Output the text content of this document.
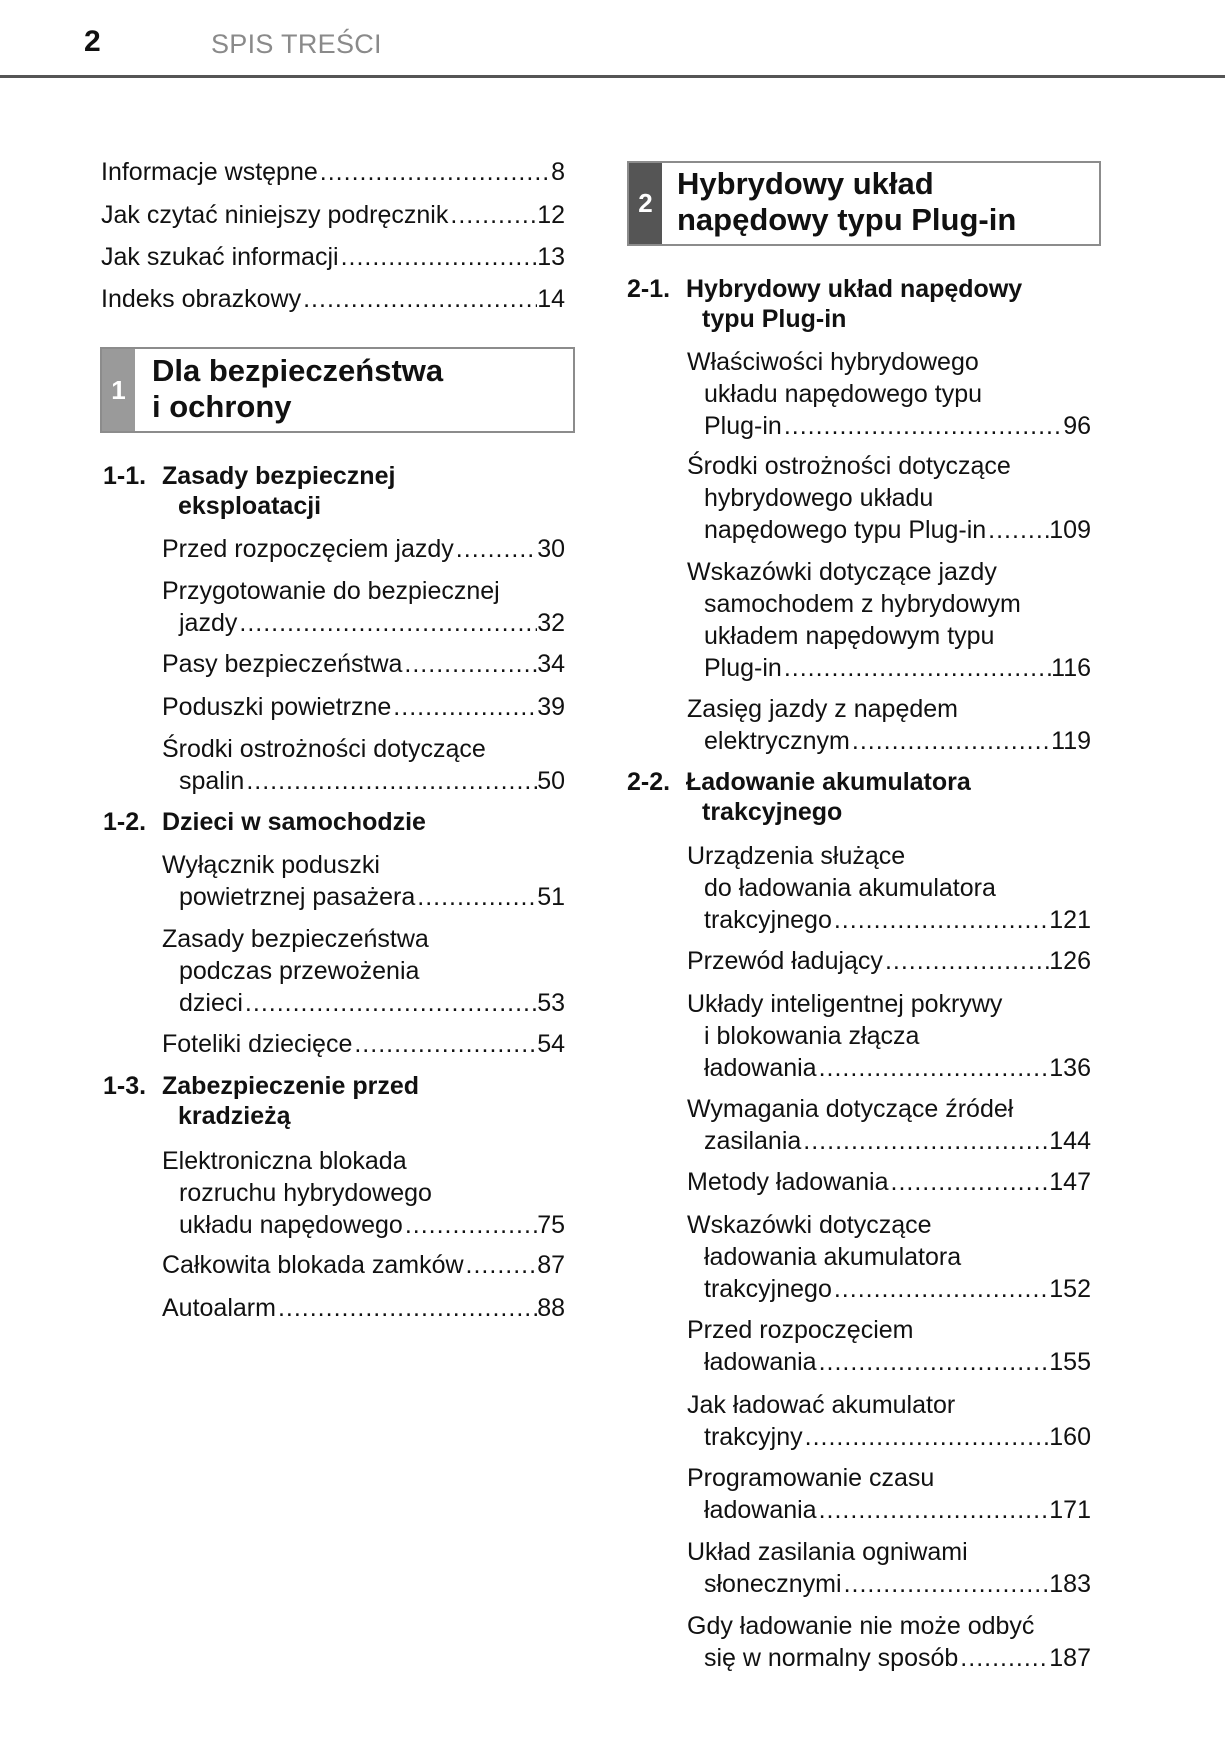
2	SPIS TREŚCI
Informacje wstępne .....	8
Jak czytać niniejszy podręcznik .....	12
Jak szukać informacji .....	13
Indeks obrazkowy .....	14
1
Dla bezpieczeństwa
i ochrony
1-1. Zasady bezpiecznej
eksploatacji
Przed rozpoczęciem jazdy .....	30
Przygotowanie do bezpiecznej
jazdy .....	32
Pasy bezpieczeństwa .....	34
Poduszki powietrzne .....	39
Środki ostrożności dotyczące
spalin .....	50
1-2. Dzieci w samochodzie
Wyłącznik poduszki
powietrznej pasażera .....	51
Zasady bezpieczeństwa
podczas przewożenia
dzieci .....	53
Foteliki dziecięce .....	54
1-3. Zabezpieczenie przed
kradzieżą
Elektroniczna blokada
rozruchu hybrydowego
układu napędowego .....	75
Całkowita blokada zamków .....	87
Autoalarm .....	88
2
Hybrydowy układ
napędowy typu Plug-in
2-1. Hybrydowy układ napędowy
typu Plug-in
Właściwości hybrydowego
układu napędowego typu
Plug-in .....	96
Środki ostrożności dotyczące
hybrydowego układu
napędowego typu Plug-in .....	109
Wskazówki dotyczące jazdy
samochodem z hybrydowym
układem napędowym typu
Plug-in .....	116
Zasięg jazdy z napędem
elektrycznym .....	119
2-2. Ładowanie akumulatora
trakcyjnego
Urządzenia służące
do ładowania akumulatora
trakcyjnego .....	121
Przewód ładujący .....	126
Układy inteligentnej pokrywy
i blokowania złącza
ładowania .....	136
Wymagania dotyczące źródeł
zasilania .....	144
Metody ładowania .....	147
Wskazówki dotyczące
ładowania akumulatora
trakcyjnego .....	152
Przed rozpoczęciem
ładowania .....	155
Jak ładować akumulator
trakcyjny .....	160
Programowanie czasu
ładowania .....	171
Układ zasilania ogniwami
słonecznymi .....	183
Gdy ładowanie nie może odbyć
się w normalny sposób .....	187
